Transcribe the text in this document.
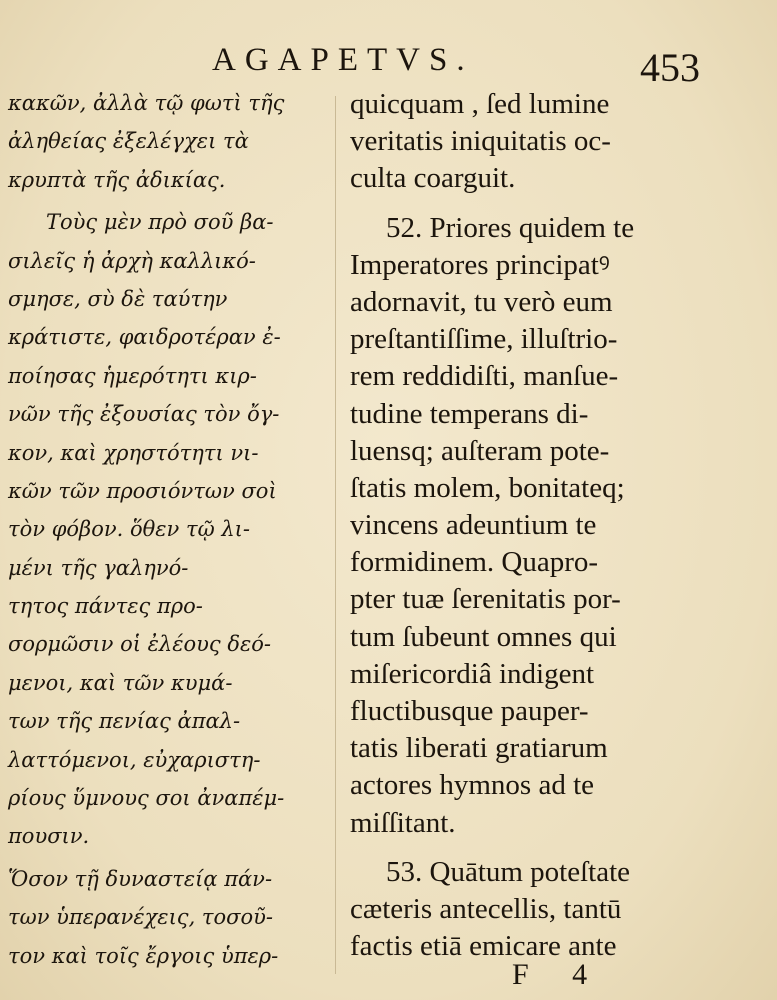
AGAPETVS.	453
κακῶν, ἀλλὰ τῷ φωτὶ τῆς
ἀληθείας ἐξελέγχει τὰ
κρυπτὰ τῆς ἀδικίας.
Τοὺς μὲν πρὸ σοῦ βα-
σιλεῖς ἡ ἀρχὴ καλλικό-
σμησε, σὺ δὲ ταύτην
κράτιστε, φαιδροτέραν ἐ-
ποίησας ἡμερότητι κιρ-
νῶν τῆς ἐξουσίας τὸν ὄγ-
κον, καὶ χρηστότητι νι-
κῶν τῶν προσιόντων σοὶ
τὸν φόβον. ὅθεν τῷ λι-
μένι τῆς γαληνό-
τητος πάντες προ-
σορμῶσιν οἱ ἐλέους δεό-
μενοι, καὶ τῶν κυμά-
των τῆς πενίας ἀπαλ-
λαττόμενοι, εὐχαριστη-
ρίους ὕμνους σοι ἀναπέμ-
πουσιν.
Ὅσον τῇ δυναστείᾳ πάν-
των ὑπερανέχεις, τοσοῦ-
τον καὶ τοῖς ἔργοις ὑπερ-
quicquam , ſed lumine
veritatis iniquitatis oc-
culta coarguit.
52. Priores quidem te
Imperatores principatꝰ
adornavit, tu verò eum
preſtantiſſime, illuſtrio-
rem reddidiſti, manſue-
tudine temperans di-
luensq; auſteram pote-
ſtatis molem, bonitateq;
vincens adeuntium te
formidinem. Quapro-
pter tuæ ſerenitatis por-
tum ſubeunt omnes qui
miſericordiâ indigent
fluctibusque pauper-
tatis liberati gratiarum
actores hymnos ad te
miſſitant.
53. Quātum poteſtate
cæteris antecellis, tantū
factis etiā emicare ante
F 4
